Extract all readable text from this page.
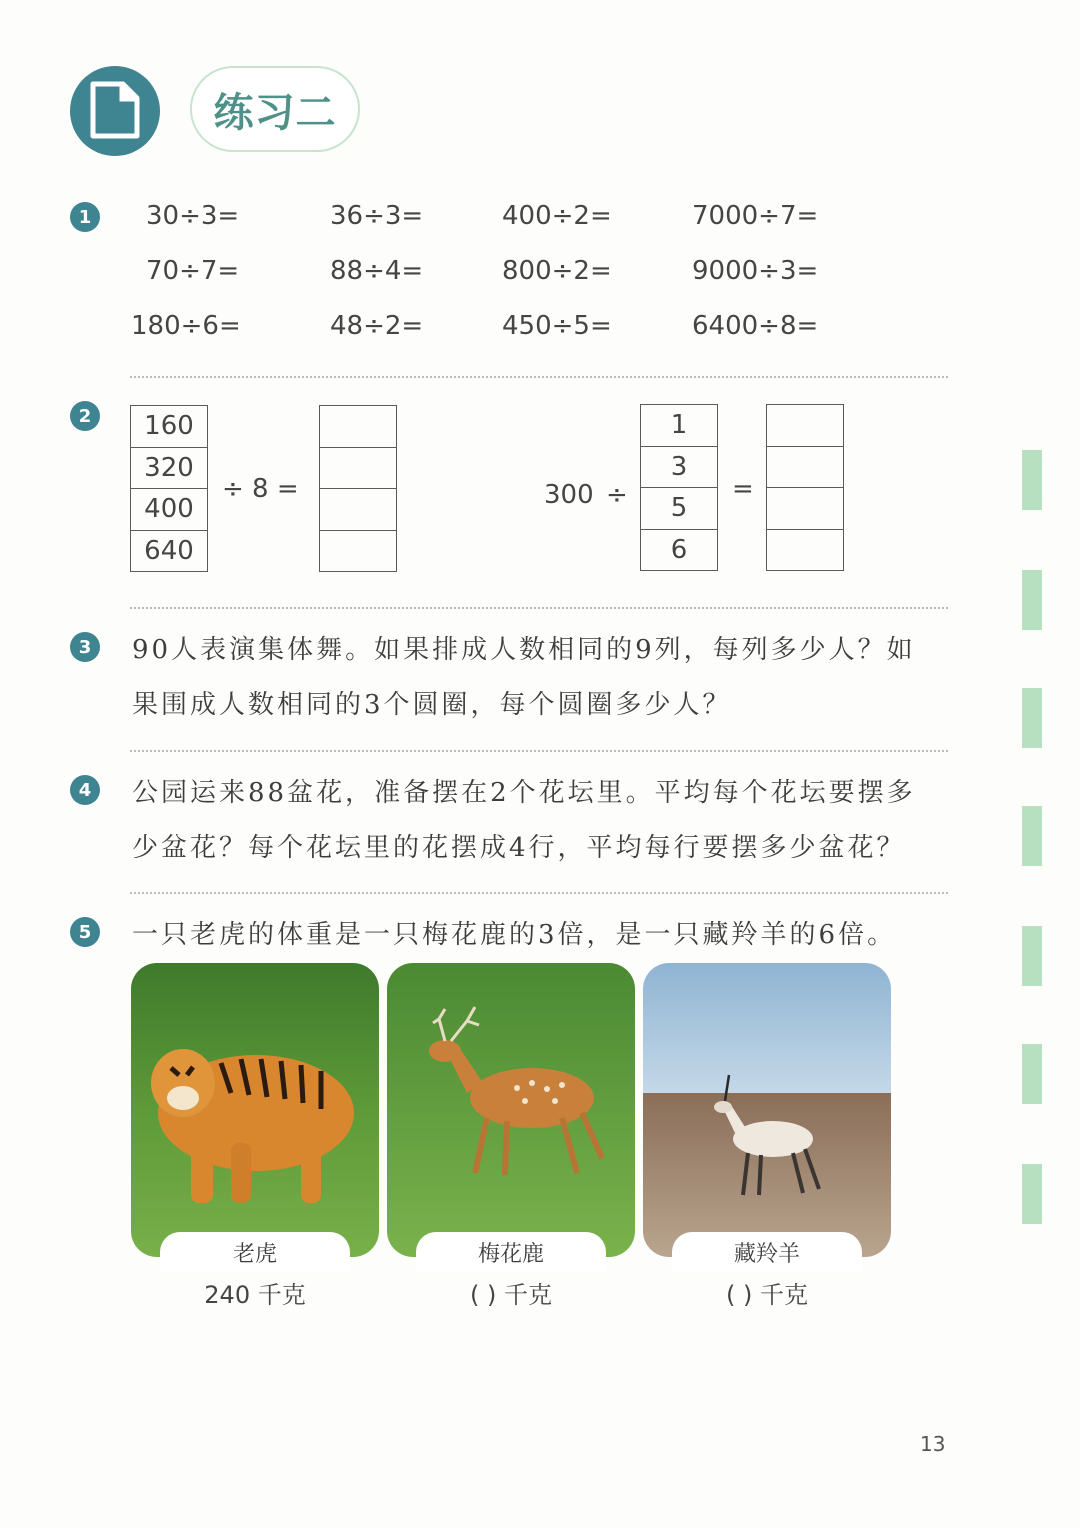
练习二
1	30÷3=	36÷3=	400÷2=	7000÷7=
70÷7=	88÷4=	800÷2=	9000÷3=
180÷6=	48÷2=	450÷5=	6400÷8=
2	160
320
400
640
÷ 8 =	300 ÷
1
3
5
6
=
3	90人表演集体舞。如果排成人数相同的9列，每列多少人？如
果围成人数相同的3个圆圈，每个圆圈多少人？
4	公园运来88盆花，准备摆在2个花坛里。平均每个花坛要摆多
少盆花？每个花坛里的花摆成4行，平均每行要摆多少盆花？
5	一只老虎的体重是一只梅花鹿的3倍，是一只藏羚羊的6倍。
老虎
240 千克
梅花鹿
( ) 千克
藏羚羊
( ) 千克
13
